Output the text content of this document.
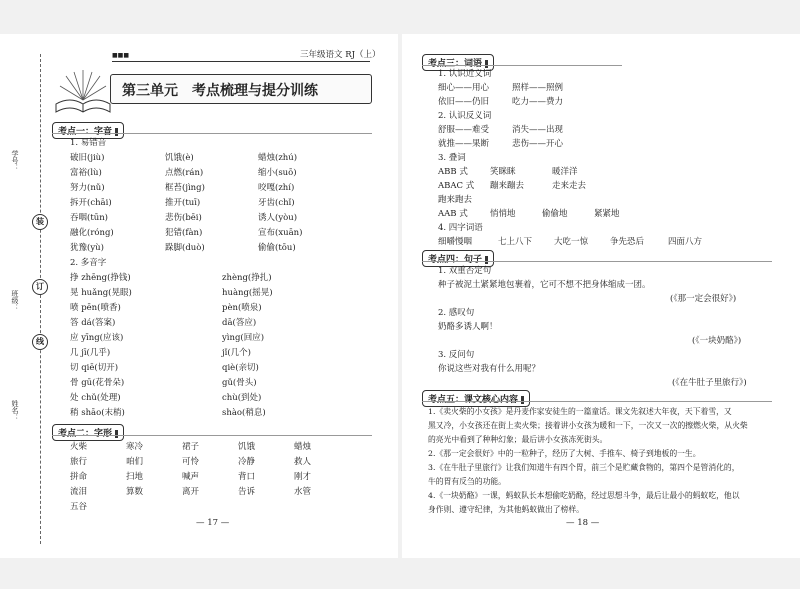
■■■	三年级语文 RJ（上）
第三单元　考点梳理与提分训练
学号：
班级：
姓名：
装
订
线
考点一：字音
1. 易错音
破旧(jiù)	饥饿(è)	蜡烛(zhú)
富裕(lù)	点燃(rán)	缩小(suō)
努力(nǔ)	框苔(jìng)	咬嘎(zhí)
拆开(chāi)	推开(tuī)	牙齿(chǐ)
吞咽(tūn)	悲伤(bēi)	诱人(yòu)
融化(róng)	犯错(fàn)	宣布(xuān)
犹豫(yù)	跺脚(duò)	偷偷(tōu)
2. 多音字
挣 zhēng(挣钱)	zhèng(挣扎)
晃 huǎng(晃眼)	huàng(摇晃)
喷 pēn(喷香)	pèn(喷泉)
答 dá(答案)	dā(答应)
应 yīng(应该)	yìng(回应)
几 jī(几乎)	jǐ(几个)
切 qiē(切开)	qiè(亲切)
骨 gū(花骨朵)	gǔ(骨头)
处 chǔ(处理)	chù(到处)
稍 shāo(末梢)	shào(稍息)
考点二：字形
火柴	寒冷	裙子	饥饿	蜡烛
旅行	咱们	可怜	冷静	救人
拼命	扫地	喊声	背口	刚才
流泪	算数	离开	告诉	水管
五谷
— 17 —
考点三：词语
1. 认识近义词
细心——用心	照样——照例
依旧——仍旧	吃力——费力
2. 认识反义词
舒服——难受	消失——出现
就推——果断	悲伤——开心
3. 叠词
ABB 式	笑眯眯	暖洋洋
ABAC 式 蹦来蹦去	走来走去
跑来跑去
AAB 式	悄悄地	偷偷地	紧紧地
4. 四字词语
细嚼慢咽	七上八下	大吃一惊	争先恐后	四面八方
考点四：句子
1. 双重否定句
种子被泥土紧紧地包裹着，它可不想不把身体缩成一团。
(《那一定会很好》)
2. 感叹句
奶酪多诱人啊！
(《一块奶酪》)
3. 反问句
你说这些对我有什么用呢？
(《在牛肚子里旅行》)
考点五：课文核心内容
1.《卖火柴的小女孩》是丹麦作家安徒生的一篇童话。课文先叙述大年夜，天下着雪，又
黑又冷，小女孩还在街上卖火柴；接着讲小女孩为暖和一下，一次又一次的擦燃火柴，从火柴
的亮光中看到了种种幻象；最后讲小女孩冻死街头。
2.《那一定会很好》中的一粒种子，经历了大树、手推车、椅子到地板的一生。
3.《在牛肚子里旅行》让我们知道牛有四个胃，前三个是贮藏食物的，第四个是管消化的，
牛的胃有反刍的功能。
4.《一块奶酪》一课，蚂蚁队长本想偷吃奶酪，经过思想斗争，最后让最小的蚂蚁吃，他以
身作则、遵守纪律，为其他蚂蚁做出了榜样。
— 18 —
